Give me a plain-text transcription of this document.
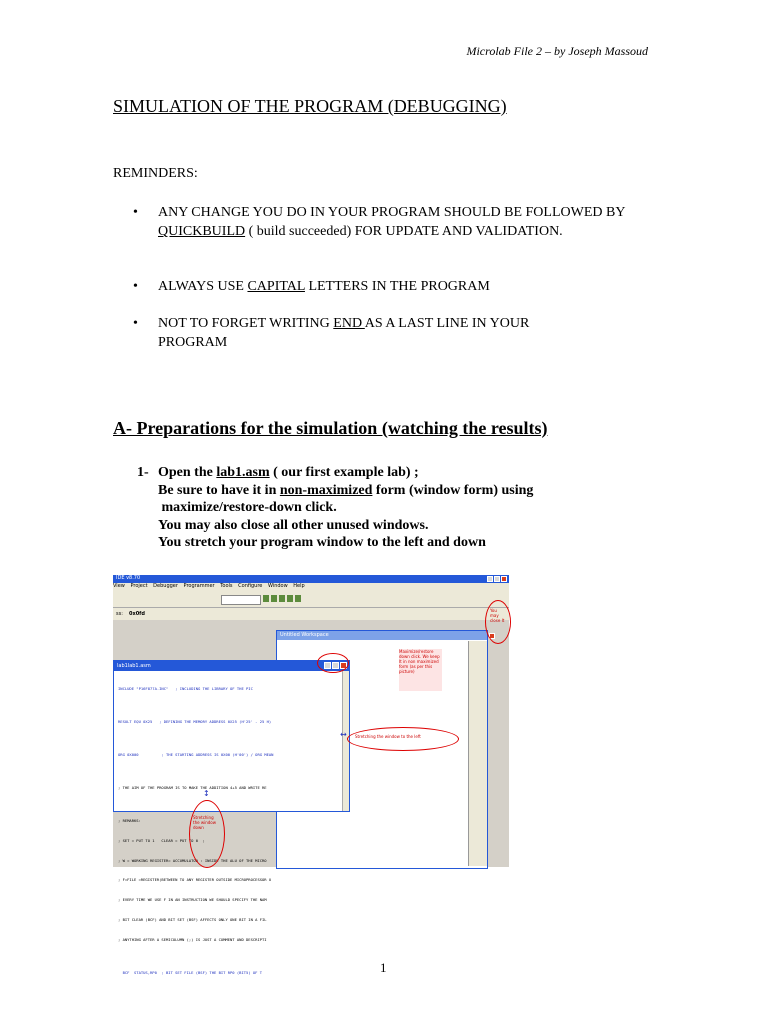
Microlab File 2 – by Joseph Massoud
SIMULATION OF THE PROGRAM (DEBUGGING)
REMINDERS:
• ANY CHANGE YOU DO IN YOUR PROGRAM SHOULD BE FOLLOWED BY QUICKBUILD ( build succeeded) FOR UPDATE AND VALIDATION.
• ALWAYS USE CAPITAL LETTERS IN THE PROGRAM
• NOT TO FORGET WRITING END AS A LAST LINE IN YOUR PROGRAM
A- Preparations for the simulation (watching the results)
1- Open the lab1.asm ( our first example lab) ;
Be sure to have it in non-maximized form (window form) using
maximize/restore-down click.
You may also close all other unused windows.
You stretch your program window to the left and down
IDE v8.70
View Project Debugger Programmer Tools Configure Window Help
ss: 0x0fd
Untitled Workspace
Maximize/restore down click. We keep It in non maximized form (as per this picture)
lab1lab1.asm

INCLUDE "P16F877A.INC"   ; INCLUDING THE LIBRARY OF THE PIC

RESULT EQU 0X25   ; DEFINING THE MEMORY ADDRESS 0X25 (H'25' - 25 H)

ORG 0X000          ; THE STARTING ADDRESS IS 0X00 (H'00') / ORG MEAN

; THE AIM OF THE PROGRAM IS TO MAKE THE ADDITION 4+5 AND WRITE RE

; REMARKS:

; SET = PUT TO 1   CLEAR = PUT TO 0  ;

; W = WORKING REGISTER= ACCUMULATOR : INSIDE THE ALU OF THE MICRO

; F=FILE =REGISTER(BETWEEN TO ANY REGISTER OUTSIDE MICROPROCESSOR U

; EVERY TIME WE USE F IN AN INSTRUCTION WE SHOULD SPECIFY THE NAM

; BIT CLEAR (BCF) AND BIT SET (BSF) AFFECTS ONLY ONE BIT IN A FIL

; ANYTHING AFTER A SEMICOLUMN (;) IS JUST A COMMENT AND DESCRIPTI

BCF  STATUS,RP0  ; BIT SET FILE (BSF) THE BIT RP0 (BIT5) OF T

You may close It
↔ Stretching the window to the left
↕
Stretching the window down
1
